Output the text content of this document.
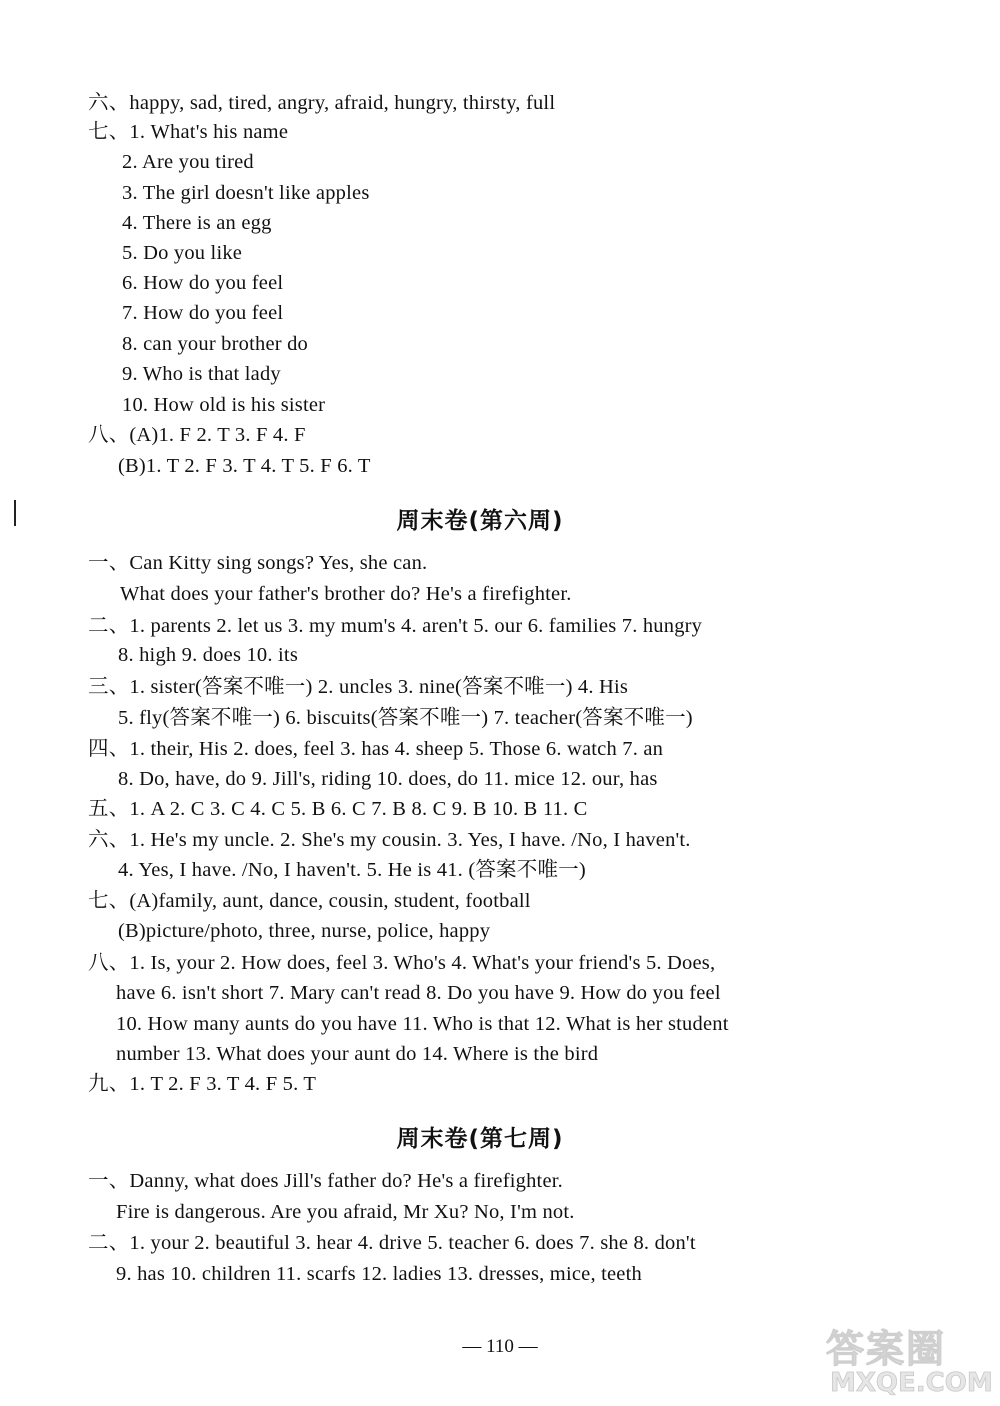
六、happy, sad, tired, angry, afraid, hungry, thirsty, full
七、1. What's his name
2. Are you tired
3. The girl doesn't like apples
4. There is an egg
5. Do you like
6. How do you feel
7. How do you feel
8. can your brother do
9. Who is that lady
10. How old is his sister
八、(A)1. F 2. T 3. F 4. F
(B)1. T 2. F 3. T 4. T 5. F 6. T
周末卷(第六周)
一、Can Kitty sing songs? Yes, she can.
What does your father's brother do? He's a firefighter.
二、1. parents 2. let us 3. my mum's 4. aren't 5. our 6. families 7. hungry
8. high 9. does 10. its
三、1. sister(答案不唯一) 2. uncles 3. nine(答案不唯一) 4. His
5. fly(答案不唯一) 6. biscuits(答案不唯一) 7. teacher(答案不唯一)
四、1. their, His 2. does, feel 3. has 4. sheep 5. Those 6. watch 7. an
8. Do, have, do 9. Jill's, riding 10. does, do 11. mice 12. our, has
五、1. A 2. C 3. C 4. C 5. B 6. C 7. B 8. C 9. B 10. B 11. C
六、1. He's my uncle. 2. She's my cousin. 3. Yes, I have. /No, I haven't.
4. Yes, I have. /No, I haven't. 5. He is 41. (答案不唯一)
七、(A)family, aunt, dance, cousin, student, football
(B)picture/photo, three, nurse, police, happy
八、1. Is, your 2. How does, feel 3. Who's 4. What's your friend's 5. Does,
have 6. isn't short 7. Mary can't read 8. Do you have 9. How do you feel
10. How many aunts do you have 11. Who is that 12. What is her student
number 13. What does your aunt do 14. Where is the bird
九、1. T 2. F 3. T 4. F 5. T
周末卷(第七周)
一、Danny, what does Jill's father do? He's a firefighter.
Fire is dangerous. Are you afraid, Mr Xu? No, I'm not.
二、1. your 2. beautiful 3. hear 4. drive 5. teacher 6. does 7. she 8. don't
9. has 10. children 11. scarfs 12. ladies 13. dresses, mice, teeth
— 110 —	答案圈
MXQE.COM
